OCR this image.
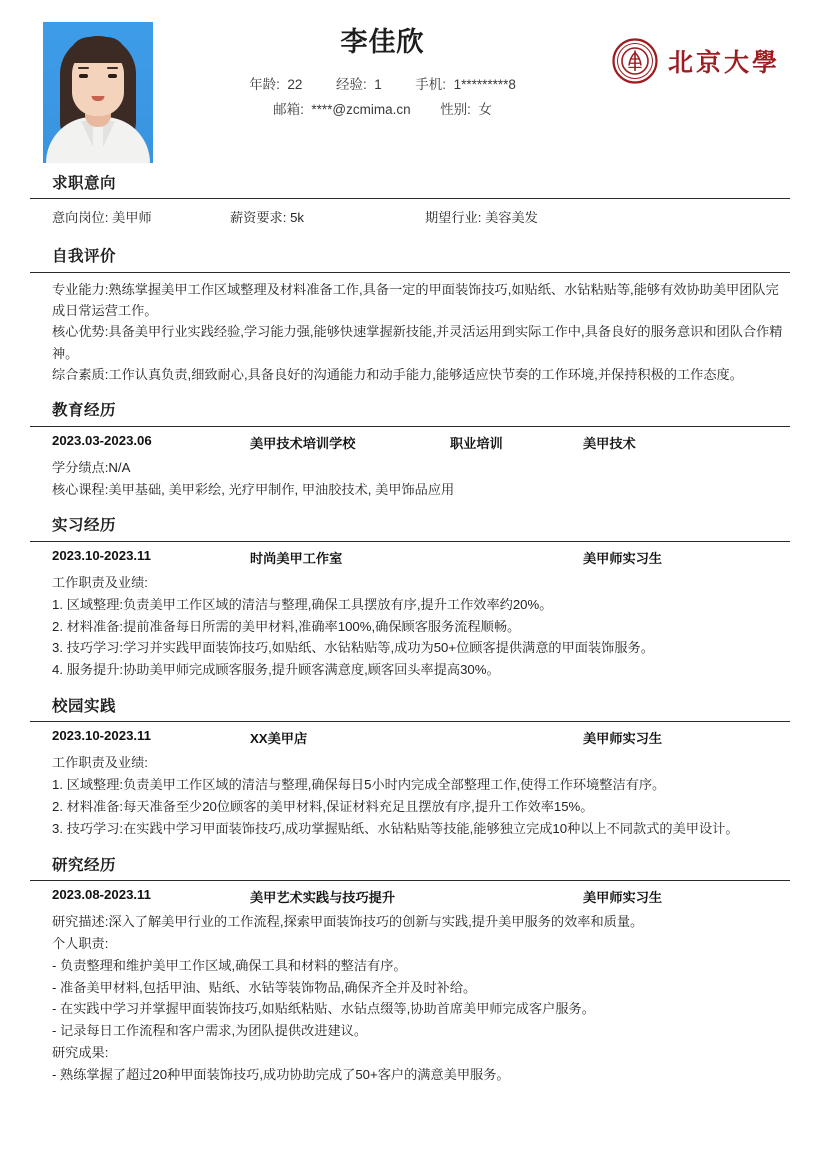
李佳欣
年龄: 22 经验: 1 手机: 1*********8
邮箱: ****@zcmima.cn 性别: 女
北京大學
求职意向
意向岗位: 美甲师	薪资要求: 5k	期望行业: 美容美发
自我评价
专业能力:熟练掌握美甲工作区域整理及材料准备工作,具备一定的甲面装饰技巧,如贴纸、水钻粘贴等,能够有效协助美甲团队完成日常运营工作。
核心优势:具备美甲行业实践经验,学习能力强,能够快速掌握新技能,并灵活运用到实际工作中,具备良好的服务意识和团队合作精神。
综合素质:工作认真负责,细致耐心,具备良好的沟通能力和动手能力,能够适应快节奏的工作环境,并保持积极的工作态度。
教育经历
2023.03-2023.06	美甲技术培训学校	职业培训	美甲技术
学分绩点:N/A
核心课程:美甲基础, 美甲彩绘, 光疗甲制作, 甲油胶技术, 美甲饰品应用
实习经历
2023.10-2023.11	时尚美甲工作室	美甲师实习生
工作职责及业绩:
1. 区域整理:负责美甲工作区域的清洁与整理,确保工具摆放有序,提升工作效率约20%。
2. 材料准备:提前准备每日所需的美甲材料,准确率100%,确保顾客服务流程顺畅。
3. 技巧学习:学习并实践甲面装饰技巧,如贴纸、水钻粘贴等,成功为50+位顾客提供满意的甲面装饰服务。
4. 服务提升:协助美甲师完成顾客服务,提升顾客满意度,顾客回头率提高30%。
校园实践
2023.10-2023.11	XX美甲店	美甲师实习生
工作职责及业绩:
1. 区域整理:负责美甲工作区域的清洁与整理,确保每日5小时内完成全部整理工作,使得工作环境整洁有序。
2. 材料准备:每天准备至少20位顾客的美甲材料,保证材料充足且摆放有序,提升工作效率15%。
3. 技巧学习:在实践中学习甲面装饰技巧,成功掌握贴纸、水钻粘贴等技能,能够独立完成10种以上不同款式的美甲设计。
研究经历
2023.08-2023.11	美甲艺术实践与技巧提升	美甲师实习生
研究描述:深入了解美甲行业的工作流程,探索甲面装饰技巧的创新与实践,提升美甲服务的效率和质量。
个人职责:
- 负责整理和维护美甲工作区域,确保工具和材料的整洁有序。
- 准备美甲材料,包括甲油、贴纸、水钻等装饰物品,确保齐全并及时补给。
- 在实践中学习并掌握甲面装饰技巧,如贴纸粘贴、水钻点缀等,协助首席美甲师完成客户服务。
- 记录每日工作流程和客户需求,为团队提供改进建议。
研究成果:
- 熟练掌握了超过20种甲面装饰技巧,成功协助完成了50+客户的满意美甲服务。
